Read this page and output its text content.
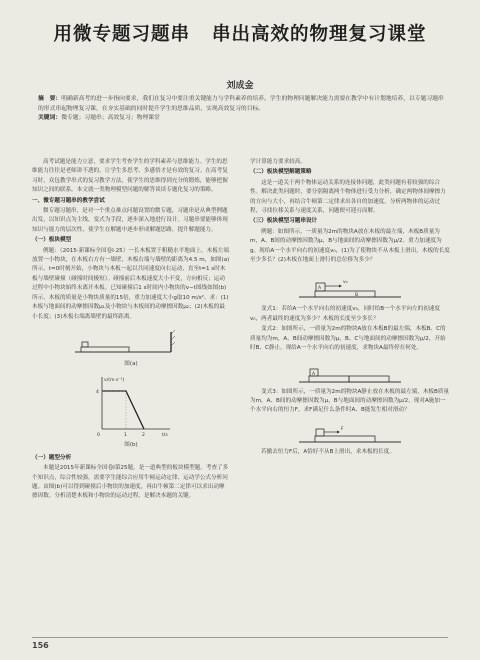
用微专题习题串 串出高效的物理复习课堂
刘成金
摘　要：明确新高考的进一步指向要求，我们在复习中要注重关键能力与学科素养的培养。学生的物理问题解决能力需要在教学中有计划地培养，以专题习题串的形式串起物理复习课，在夯实基础的同时提升学生的思维品质，实现高效复习的目标。
关键词：微专题；习题串；高效复习；物理课堂

高考试题是能力立意，要求学生考查学生的学科素养与思维能力。学生的思维能力往往是老师讲不透的，让学生多思考、多感悟才是有效的复习。在高考复习时，众包教学串式的复习教学方法，使学生的思维得到充分的锻炼，能够把握知识之间的联系。本文就一类物理模型问题的解答谈谈专题化复习的策略。

一、微专题习题串的教学尝试

微专题习题串，是对一个重点难点问题设置的微专题，习题串是从典型例题出发，以知识点为主线，变式为手段，逐步深入地进行设计。习题串要能够体现知识与能力的层次性，使学生在解题中逐步形成解题思路，提升解题能力。

（一）板块模型

例题：（2015·新课标全国卷I·25）一长木板置于粗糙水平地面上，木板左端放置一小物块，在木板右方有一墙壁，木板右端与墙壁的距离为4.5 m，如图(a)所示。t=0时刻开始，小物块与木板一起以共同速度向右运动，直至t=1 s时木板与墙壁碰撞（碰撞时间极短）。碰撞前后木板速度大小不变，方向相反；运动过程中小物块始终未离开木板。已知碰撞后1 s时间内小物块的v−t图线如图(b)所示。木板的质量是小物块质量的15倍，重力加速度大小g取10 m/s²。求：(1)木板与地面间的动摩擦因数μ₁及小物块与木板间的动摩擦因数μ₂；(2)木板的最小长度；(3)木板右端离墙壁的最终距离。

图(a)
v/(m·s⁻¹)
t/s
4
0	1	2
图(b)

（一）题型分析

本题是2015年新课标全国卷I第25题，是一道典型的板块模型题。考查了多个知识点，综合性较强，需要学生能综合应用牛顿运动定律、运动学公式分析问题。由图(b)可以得到碰撞后小物块的加速度，再由牛顿第二定律可以求出动摩擦因数。分析清楚木板和小物块的运动过程，是解决本题的关键。

学计算能力要求较高。

（二）板块模型解题策略

这是一道关于两个物体运动关系的连接体问题，此类问题有着较强的综合性。解决此类问题时，要分别隔离两个物体进行受力分析，确定两物体间摩擦力的方向与大小，再结合牛顿第二定律求出各自的加速度，分析两物体的运动过程，寻找位移关系与速度关系，问题便可迎刃而解。

（三）板块模型习题串设计

例题：如图所示，一质量为2m的物块A放在木板的最左端，木板B质量为m，A、B间的动摩擦因数为μ，B与地面间的动摩擦因数为μ/2。重力加速度为g。现给A一个水平向右的初速度v₀，(1)为了使物块不从木板上滑出，木板的长度至少多长？(2)木板在地面上滑行的总位移为多少？

A
v₀
B

变式1：若给A一个水平向右的初速度v₀，同时给B一个水平向左的初速度v₀，两者最终的速度为多少？木板的长度至少多长？

变式2：如图所示，一质量为2m的物块A放在木板B的最左端，木板B、C的质量均为m，A、B间动摩擦因数为μ，B、C与地面间的动摩擦因数为μ/2，开始时B、C静止。现给A一个水平向右的初速度，求物块A最终停在何处。

A

变式3：如图所示，一质量为2m的物块A静止放在木板的最左端，木板B质量为m，A、B间的动摩擦因数为μ，B与地面间的动摩擦因数为μ/2。现对A施加一个水平向右的恒力F，求F满足什么条件时A、B能发生相对滑动？

F

若撤去恒力F后，A恰好不从B上滑出，求木板的长度。

156
